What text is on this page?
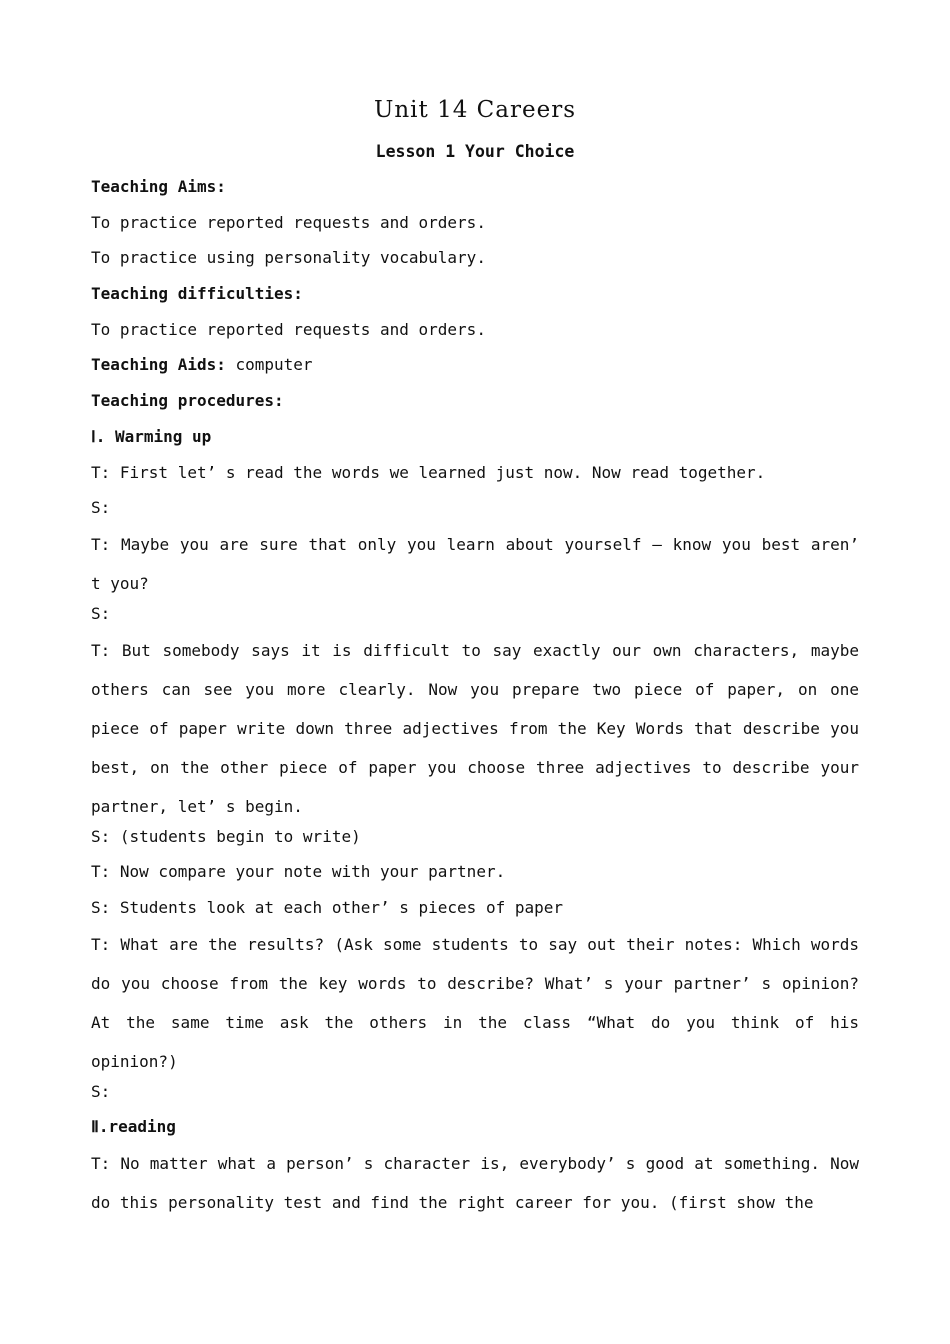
Unit 14 Careers
Lesson 1 Your Choice
Teaching Aims:
To practice reported requests and orders.
To practice using personality vocabulary.
Teaching difficulties:
To practice reported requests and orders.
Teaching Aids: computer
Teaching procedures:
Ⅰ. Warming up
T: First let’ s read the words we learned just now. Now read together.
S:
T: Maybe you are sure that only you learn about yourself – know you best aren’ t you?
S:
T: But somebody says it is difficult to say exactly our own characters, maybe others can see you more clearly. Now you prepare two piece of paper, on one piece of paper write down three adjectives from the Key Words that describe you best, on the other piece of paper you choose three adjectives to describe your partner, let’ s begin.
S: (students begin to write)
T: Now compare your note with your partner.
S: Students look at each other’ s pieces of paper
T: What are the results? (Ask some students to say out their notes: Which words do you choose from the key words to describe? What’ s your partner’ s opinion? At the same time ask the others in the class “What do you think of his opinion?)
S:
Ⅱ.reading
T: No matter what a person’ s character is, everybody’ s good at something. Now do this personality test and find the right career for you. (first show the
